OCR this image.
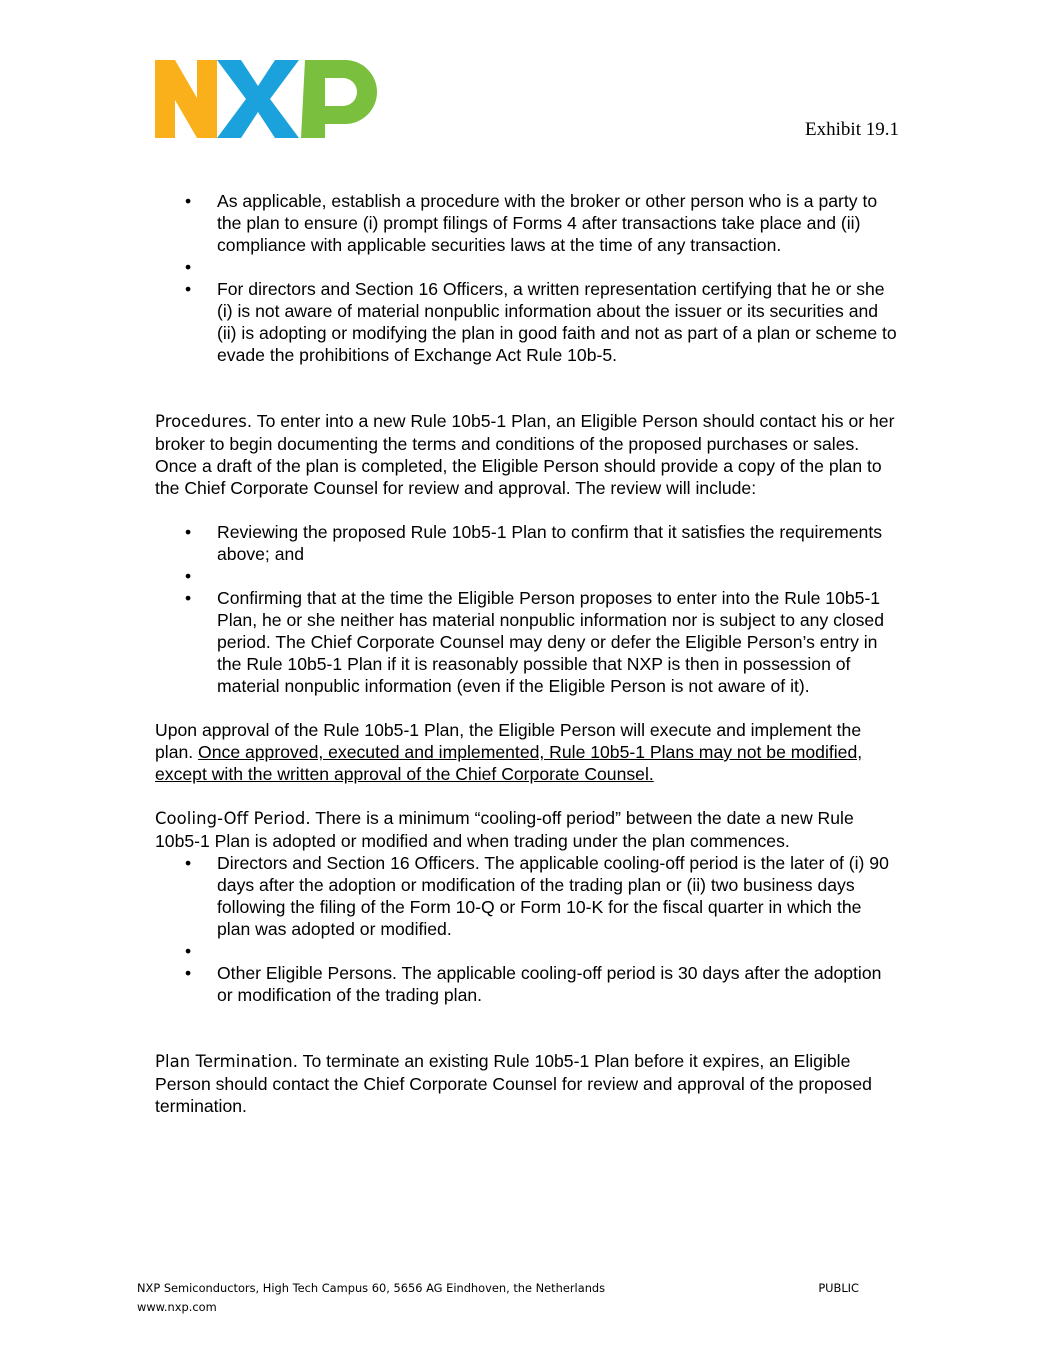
Exhibit 19.1
• As applicable, establish a procedure with the broker or other person who is a party to the plan to ensure (i) prompt filings of Forms 4 after transactions take place and (ii) compliance with applicable securities laws at the time of any transaction.
•
• For directors and Section 16 Officers, a written representation certifying that he or she (i) is not aware of material nonpublic information about the issuer or its securities and (ii) is adopting or modifying the plan in good faith and not as part of a plan or scheme to evade the prohibitions of Exchange Act Rule 10b-5.

Procedures. To enter into a new Rule 10b5-1 Plan, an Eligible Person should contact his or her broker to begin documenting the terms and conditions of the proposed purchases or sales. Once a draft of the plan is completed, the Eligible Person should provide a copy of the plan to the Chief Corporate Counsel for review and approval. The review will include:

• Reviewing the proposed Rule 10b5-1 Plan to confirm that it satisfies the requirements above; and
•
• Confirming that at the time the Eligible Person proposes to enter into the Rule 10b5-1 Plan, he or she neither has material nonpublic information nor is subject to any closed period. The Chief Corporate Counsel may deny or defer the Eligible Person’s entry in the Rule 10b5-1 Plan if it is reasonably possible that NXP is then in possession of material nonpublic information (even if the Eligible Person is not aware of it).

Upon approval of the Rule 10b5-1 Plan, the Eligible Person will execute and implement the plan. Once approved, executed and implemented, Rule 10b5-1 Plans may not be modified, except with the written approval of the Chief Corporate Counsel.

Cooling-Off Period. There is a minimum “cooling-off period” between the date a new Rule 10b5-1 Plan is adopted or modified and when trading under the plan commences.

• Directors and Section 16 Officers. The applicable cooling-off period is the later of (i) 90 days after the adoption or modification of the trading plan or (ii) two business days following the filing of the Form 10-Q or Form 10-K for the fiscal quarter in which the plan was adopted or modified.
•
• Other Eligible Persons. The applicable cooling-off period is 30 days after the adoption or modification of the trading plan.

Plan Termination. To terminate an existing Rule 10b5-1 Plan before it expires, an Eligible Person should contact the Chief Corporate Counsel for review and approval of the proposed termination.

NXP Semiconductors, High Tech Campus 60, 5656 AG Eindhoven, the Netherlands	PUBLIC
www.nxp.com
